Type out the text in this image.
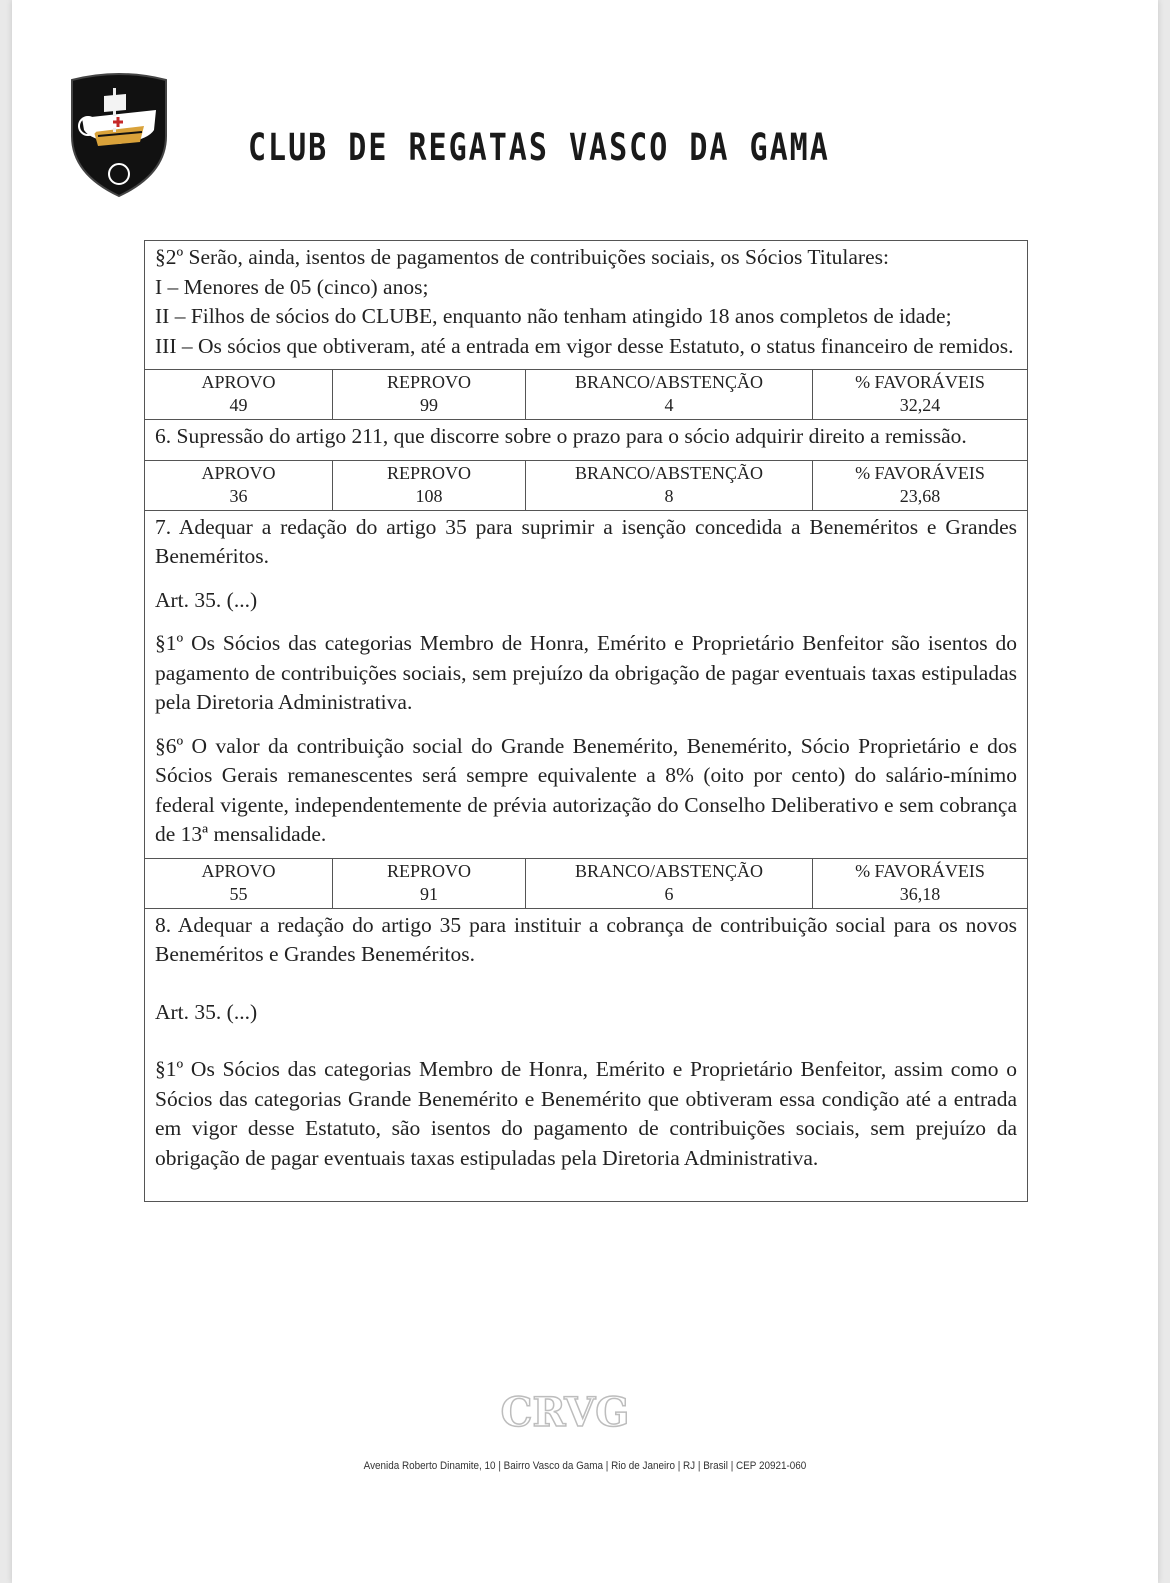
CLUB DE REGATAS VASCO DA GAMA

§2º Serão, ainda, isentos de pagamentos de contribuições sociais, os Sócios Titulares:

I – Menores de 05 (cinco) anos;

II – Filhos de sócios do CLUBE, enquanto não tenham atingido 18 anos completos de idade;

III – Os sócios que obtiveram, até a entrada em vigor desse Estatuto, o status financeiro de remidos.

APROVO
49
REPROVO
99
BRANCO/ABSTENÇÃO
4
% FAVORÁVEIS
32,24

6. Supressão do artigo 211, que discorre sobre o prazo para o sócio adquirir direito a remissão.

APROVO
36
REPROVO
108
BRANCO/ABSTENÇÃO
8
% FAVORÁVEIS
23,68

7. Adequar a redação do artigo 35 para suprimir a isenção concedida a Beneméritos e Grandes Beneméritos.

Art. 35. (...)

§1º Os Sócios das categorias Membro de Honra, Emérito e Proprietário Benfeitor são isentos do pagamento de contribuições sociais, sem prejuízo da obrigação de pagar eventuais taxas estipuladas pela Diretoria Administrativa.

§6º O valor da contribuição social do Grande Benemérito, Benemérito, Sócio Proprietário e dos Sócios Gerais remanescentes será sempre equivalente a 8% (oito por cento) do salário-mínimo federal vigente, independentemente de prévia autorização do Conselho Deliberativo e sem cobrança de 13ª mensalidade.

APROVO
55
REPROVO
91
BRANCO/ABSTENÇÃO
6
% FAVORÁVEIS
36,18

8. Adequar a redação do artigo 35 para instituir a cobrança de contribuição social para os novos Beneméritos e Grandes Beneméritos.

Art. 35. (...)

§1º Os Sócios das categorias Membro de Honra, Emérito e Proprietário Benfeitor, assim como o Sócios das categorias Grande Benemérito e Benemérito que obtiveram essa condição até a entrada em vigor desse Estatuto, são isentos do pagamento de contribuições sociais, sem prejuízo da obrigação de pagar eventuais taxas estipuladas pela Diretoria Administrativa.

CRVG
Avenida Roberto Dinamite, 10 | Bairro Vasco da Gama | Rio de Janeiro | RJ | Brasil | CEP 20921-060
